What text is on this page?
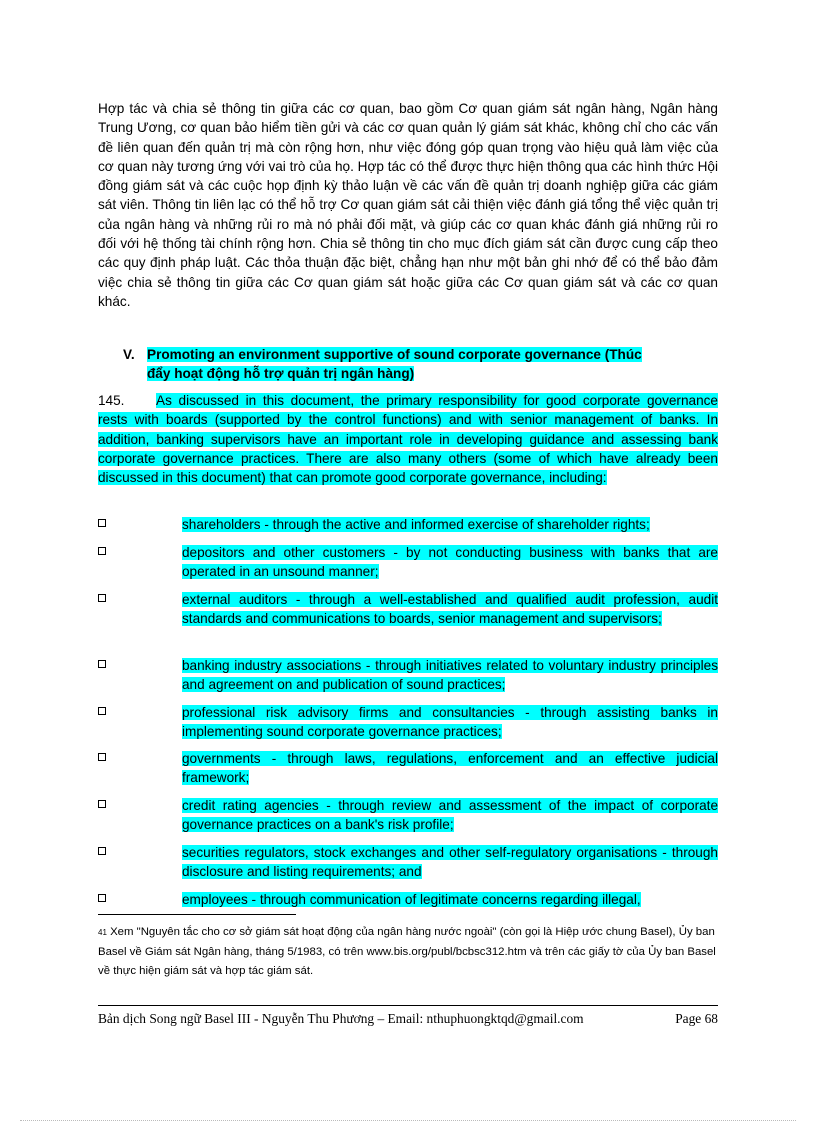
Hợp tác và chia sẻ thông tin giữa các cơ quan, bao gồm Cơ quan giám sát ngân hàng, Ngân hàng Trung Ương, cơ quan bảo hiểm tiền gửi và các cơ quan quản lý giám sát khác, không chỉ cho các vấn đề liên quan đến quản trị mà còn rộng hơn, như việc đóng góp quan trọng vào hiệu quả làm việc của cơ quan này tương ứng với vai trò của họ. Hợp tác có thể được thực hiện thông qua các hình thức Hội đồng giám sát và các cuộc họp định kỳ thảo luận về các vấn đề quản trị doanh nghiệp giữa các giám sát viên. Thông tin liên lạc có thể hỗ trợ Cơ quan giám sát cải thiện việc đánh giá tổng thể việc quản trị của ngân hàng và những rủi ro mà nó phải đối mặt, và giúp các cơ quan khác đánh giá những rủi ro đối với hệ thống tài chính rộng hơn. Chia sẻ thông tin cho mục đích giám sát cần được cung cấp theo các quy định pháp luật. Các thỏa thuận đặc biệt, chẳng hạn như một bản ghi nhớ để có thể bảo đảm việc chia sẻ thông tin giữa các Cơ quan giám sát hoặc giữa các Cơ quan giám sát và các cơ quan khác.
V. Promoting an environment supportive of sound corporate governance (Thúc
đẩy hoạt động hỗ trợ quản trị ngân hàng)
145. As discussed in this document, the primary responsibility for good corporate governance rests with boards (supported by the control functions) and with senior management of banks. In addition, banking supervisors have an important role in developing guidance and assessing bank corporate governance practices. There are also many others (some of which have already been discussed in this document) that can promote good corporate governance, including:
shareholders - through the active and informed exercise of shareholder rights;
depositors and other customers - by not conducting business with banks that are operated in an unsound manner;
external auditors - through a well-established and qualified audit profession, audit standards and communications to boards, senior management and supervisors;
banking industry associations - through initiatives related to voluntary industry principles and agreement on and publication of sound practices;
professional risk advisory firms and consultancies - through assisting banks in implementing sound corporate governance practices;
governments - through laws, regulations, enforcement and an effective judicial framework;
credit rating agencies - through review and assessment of the impact of corporate governance practices on a bank's risk profile;
securities regulators, stock exchanges and other self-regulatory organisations - through disclosure and listing requirements; and
employees - through communication of legitimate concerns regarding illegal,
$^{41}$ Xem "Nguyên tắc cho cơ sở giám sát hoạt động của ngân hàng nước ngoài" (còn gọi là Hiệp ước chung Basel), Ủy ban Basel về Giám sát Ngân hàng, tháng 5/1983, có trên www.bis.org/publ/bcbsc312.htm và trên các giấy tờ của Ủy ban Basel về thực hiện giám sát và hợp tác giám sát.
Bản dịch Song ngữ Basel III - Nguyễn Thu Phương – Email: nthuphuongktqd@gmail.com	Page 68
